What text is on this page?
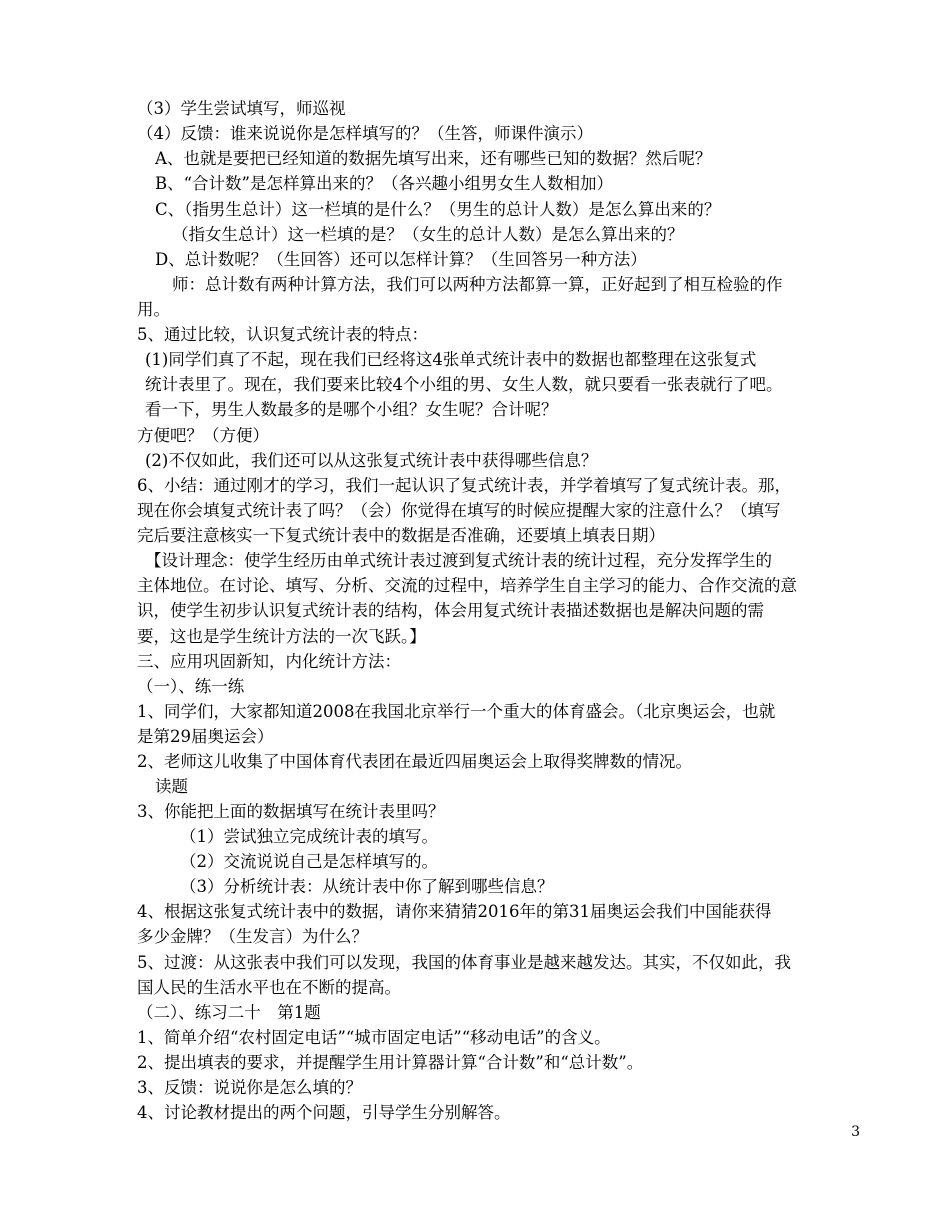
（3）学生尝试填写，师巡视
（4）反馈：谁来说说你是怎样填写的？（生答，师课件演示）
A、也就是要把已经知道的数据先填写出来，还有哪些已知的数据？然后呢？
B、“合计数”是怎样算出来的？（各兴趣小组男女生人数相加）
C、（指男生总计）这一栏填的是什么？（男生的总计人数）是怎么算出来的？
（指女生总计）这一栏填的是？（女生的总计人数）是怎么算出来的？
D、总计数呢？（生回答）还可以怎样计算？（生回答另一种方法）
师：总计数有两种计算方法，我们可以两种方法都算一算，正好起到了相互检验的作
用。
5、通过比较，认识复式统计表的特点：
(1)同学们真了不起，现在我们已经将这4张单式统计表中的数据也都整理在这张复式
统计表里了。现在，我们要来比较4个小组的男、女生人数，就只要看一张表就行了吧。
看一下，男生人数最多的是哪个小组？女生呢？合计呢？
方便吧？（方便）
(2)不仅如此，我们还可以从这张复式统计表中获得哪些信息？
6、小结：通过刚才的学习，我们一起认识了复式统计表，并学着填写了复式统计表。那，
现在你会填复式统计表了吗？（会）你觉得在填写的时候应提醒大家的注意什么？（填写
完后要注意核实一下复式统计表中的数据是否准确，还要填上填表日期）
【设计理念：使学生经历由单式统计表过渡到复式统计表的统计过程，充分发挥学生的
主体地位。在讨论、填写、分析、交流的过程中，培养学生自主学习的能力、合作交流的意
识，使学生初步认识复式统计表的结构，体会用复式统计表描述数据也是解决问题的需
要，这也是学生统计方法的一次飞跃。】
三、应用巩固新知，内化统计方法：
（一）、练一练
1、同学们，大家都知道2008在我国北京举行一个重大的体育盛会。（北京奥运会，也就
是第29届奥运会）
2、老师这儿收集了中国体育代表团在最近四届奥运会上取得奖牌数的情况。
读题
3、你能把上面的数据填写在统计表里吗？
（1）尝试独立完成统计表的填写。
（2）交流说说自己是怎样填写的。
（3）分析统计表：从统计表中你了解到哪些信息？
4、根据这张复式统计表中的数据，请你来猜猜2016年的第31届奥运会我们中国能获得
多少金牌？（生发言）为什么？
5、过渡：从这张表中我们可以发现，我国的体育事业是越来越发达。其实，不仅如此，我
国人民的生活水平也在不断的提高。
（二）、练习二十　第1题
1、简单介绍“农村固定电话”“城市固定电话”“移动电话”的含义。
2、提出填表的要求，并提醒学生用计算器计算“合计数”和“总计数”。
3、反馈：说说你是怎么填的？
4、讨论教材提出的两个问题，引导学生分别解答。
3
